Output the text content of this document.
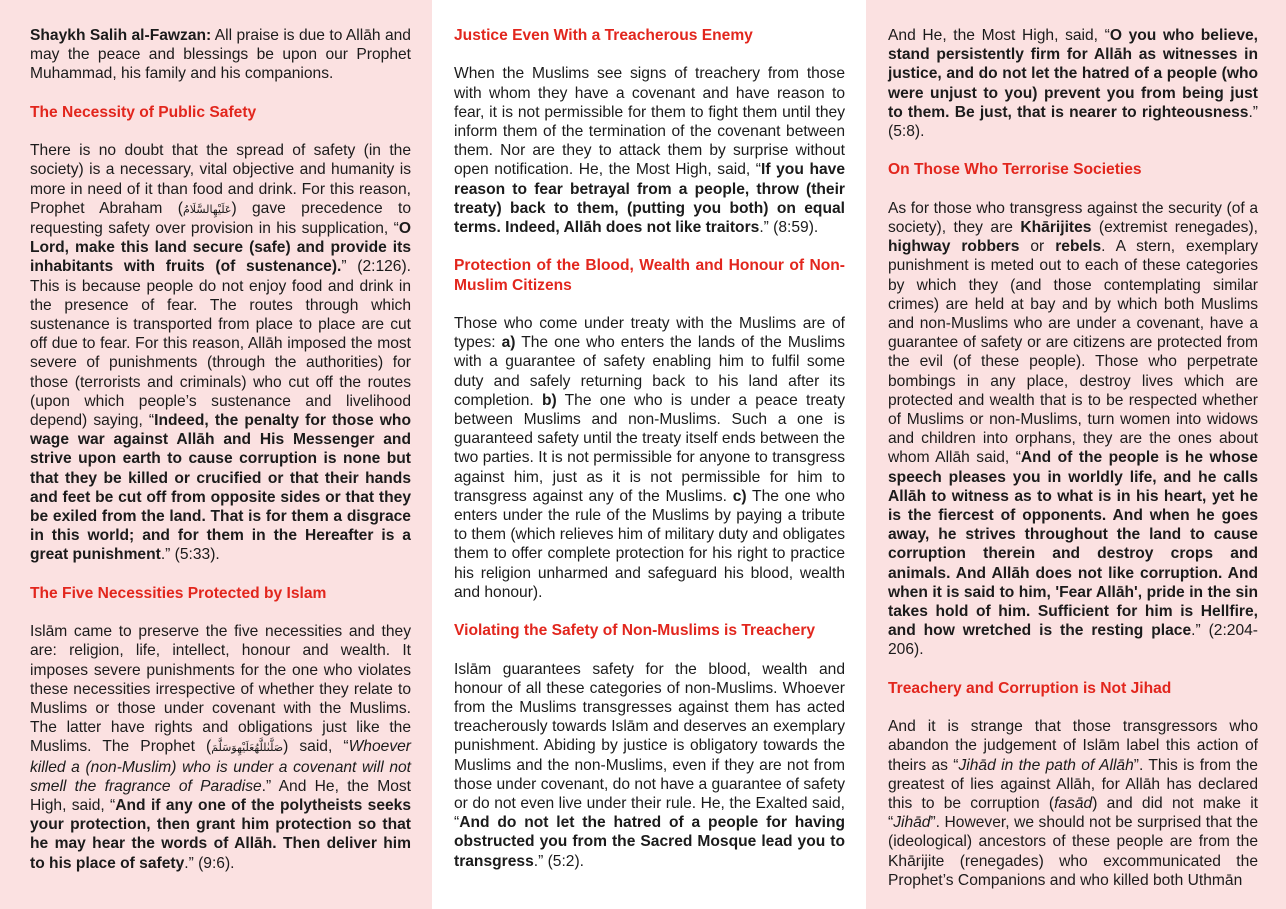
Shaykh Salih al-Fawzan: All praise is due to Allāh and may the peace and blessings be upon our Prophet Muhammad, his family and his companions.

The Necessity of Public Safety

There is no doubt that the spread of safety (in the society) is a necessary, vital objective and humanity is more in need of it than food and drink. For this reason, Prophet Abraham (عَلَيْهِالسَّلَامُ) gave precedence to requesting safety over provision in his supplication, “O Lord, make this land secure (safe) and provide its inhabitants with fruits (of sustenance).” (2:126). This is because people do not enjoy food and drink in the presence of fear. The routes through which sustenance is transported from place to place are cut off due to fear. For this reason, Allāh imposed the most severe of punishments (through the authorities) for those (terrorists and criminals) who cut off the routes (upon which people’s sustenance and livelihood depend) saying, “Indeed, the penalty for those who wage war against Allāh and His Messenger and strive upon earth to cause corruption is none but that they be killed or crucified or that their hands and feet be cut off from opposite sides or that they be exiled from the land. That is for them a disgrace in this world; and for them in the Hereafter is a great punishment.” (5:33).

The Five Necessities Protected by Islam

Islām came to preserve the five necessities and they are: religion, life, intellect, honour and wealth. It imposes severe punishments for the one who violates these necessities irrespective of whether they relate to Muslims or those under covenant with the Muslims. The latter have rights and obligations just like the Muslims. The Prophet (صَلَّىٰللَّهُعَلَيْهِوَسَلَّمَ) said, “Whoever killed a (non-Muslim) who is under a covenant will not smell the fragrance of Paradise.” And He, the Most High, said, “And if any one of the polytheists seeks your protection, then grant him protection so that he may hear the words of Allāh. Then deliver him to his place of safety.” (9:6).

Justice Even With a Treacherous Enemy

When the Muslims see signs of treachery from those with whom they have a covenant and have reason to fear, it is not permissible for them to fight them until they inform them of the termination of the covenant between them. Nor are they to attack them by surprise without open notification. He, the Most High, said, “If you have reason to fear betrayal from a people, throw (their treaty) back to them, (putting you both) on equal terms. Indeed, Allāh does not like traitors.” (8:59).

Protection of the Blood, Wealth and Honour of Non-Muslim Citizens

Those who come under treaty with the Muslims are of types: a) The one who enters the lands of the Muslims with a guarantee of safety enabling him to fulfil some duty and safely returning back to his land after its completion. b) The one who is under a peace treaty between Muslims and non-Muslims. Such a one is guaranteed safety until the treaty itself ends between the two parties. It is not permissible for anyone to transgress against him, just as it is not permissible for him to transgress against any of the Muslims. c) The one who enters under the rule of the Muslims by paying a tribute to them (which relieves him of military duty and obligates them to offer complete protection for his right to practice his religion unharmed and safeguard his blood, wealth and honour).

Violating the Safety of Non-Muslims is Treachery

Islām guarantees safety for the blood, wealth and honour of all these categories of non-Muslims. Whoever from the Muslims transgresses against them has acted treacherously towards Islām and deserves an exemplary punishment. Abiding by justice is obligatory towards the Muslims and the non-Muslims, even if they are not from those under covenant, do not have a guarantee of safety or do not even live under their rule. He, the Exalted said, “And do not let the hatred of a people for having obstructed you from the Sacred Mosque lead you to transgress.” (5:2).

And He, the Most High, said, “O you who believe, stand persistently firm for Allāh as witnesses in justice, and do not let the hatred of a people (who were unjust to you) prevent you from being just to them. Be just, that is nearer to righteousness.” (5:8).

On Those Who Terrorise Societies

As for those who transgress against the security (of a society), they are Khārijites (extremist renegades), highway robbers or rebels. A stern, exemplary punishment is meted out to each of these categories by which they (and those contemplating similar crimes) are held at bay and by which both Muslims and non-Muslims who are under a covenant, have a guarantee of safety or are citizens are protected from the evil (of these people). Those who perpetrate bombings in any place, destroy lives which are protected and wealth that is to be respected whether of Muslims or non-Muslims, turn women into widows and children into orphans, they are the ones about whom Allāh said, “And of the people is he whose speech pleases you in worldly life, and he calls Allāh to witness as to what is in his heart, yet he is the fiercest of opponents. And when he goes away, he strives throughout the land to cause corruption therein and destroy crops and animals. And Allāh does not like corruption. And when it is said to him, 'Fear Allāh', pride in the sin takes hold of him. Sufficient for him is Hellfire, and how wretched is the resting place.” (2:204-206).

Treachery and Corruption is Not Jihad

And it is strange that those transgressors who abandon the judgement of Islām label this action of theirs as “Jihād in the path of Allāh”. This is from the greatest of lies against Allāh, for Allāh has declared this to be corruption (fasād) and did not make it “Jihād”. However, we should not be surprised that the (ideological) ancestors of these people are from the Khārijite (renegades) who excommunicated the Prophet’s Companions and who killed both Uthmān
